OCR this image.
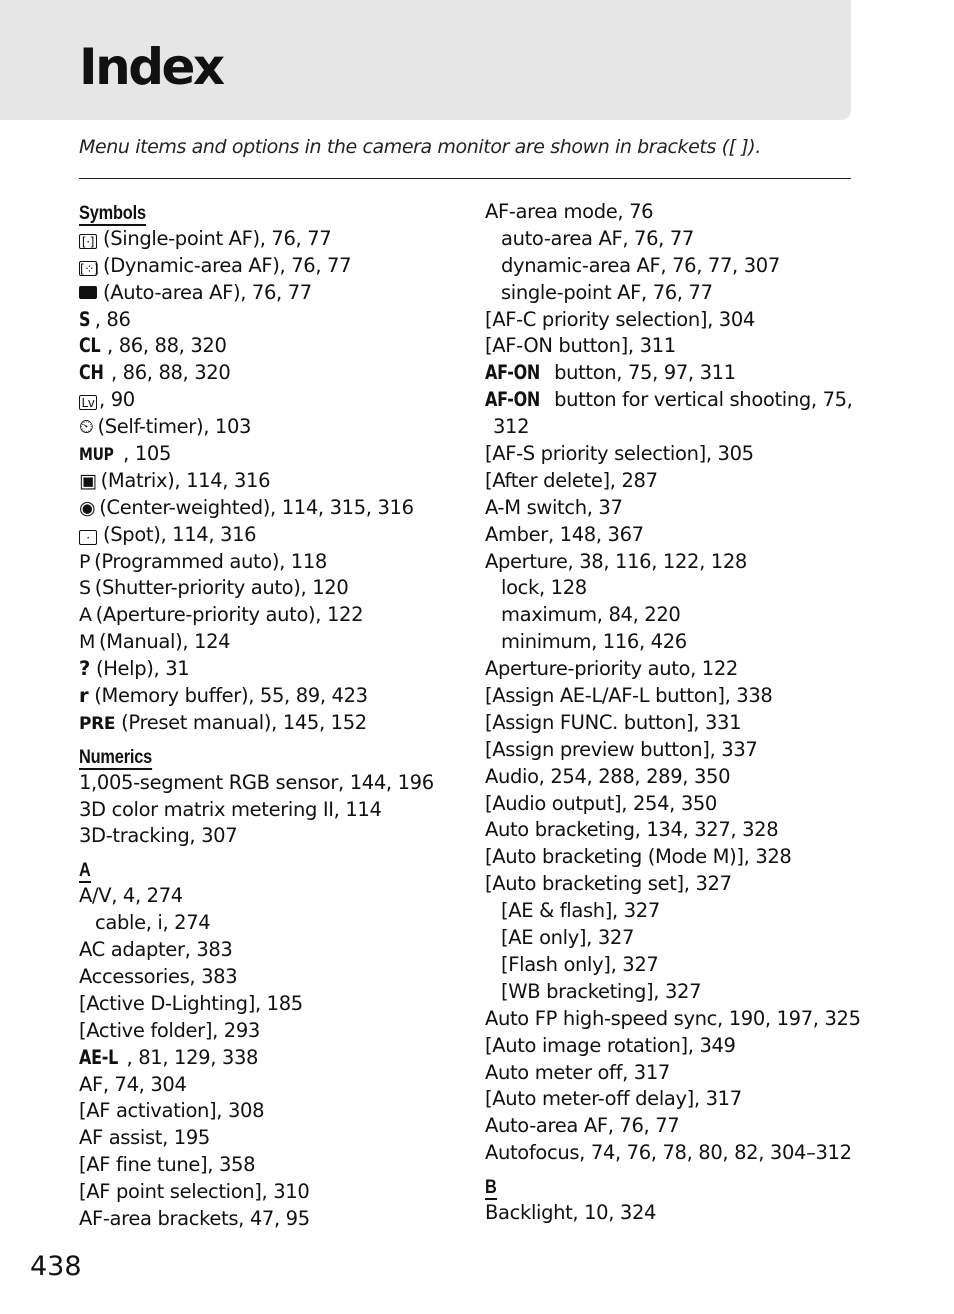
Index
Menu items and options in the camera monitor are shown in brackets ([ ]).
Symbols
[·] (Single-point AF), 76, 77
[⁘] (Dynamic-area AF), 76, 77
(Auto-area AF), 76, 77
S , 86
CL , 86, 88, 320
CH , 86, 88, 320
Lv , 90
⏲ (Self-timer), 103
MUP , 105
▣ (Matrix), 114, 316
◉ (Center-weighted), 114, 315, 316
· (Spot), 114, 316
P (Programmed auto), 118
S (Shutter-priority auto), 120
A (Aperture-priority auto), 122
M (Manual), 124
? (Help), 31
r (Memory buffer), 55, 89, 423
PRE (Preset manual), 145, 152
Numerics
1,005-segment RGB sensor, 144, 196
3D color matrix metering II, 114
3D-tracking, 307
A
A/V, 4, 274
cable, i, 274
AC adapter, 383
Accessories, 383
[Active D-Lighting], 185
[Active folder], 293
AE-L , 81, 129, 338
AF, 74, 304
[AF activation], 308
AF assist, 195
[AF fine tune], 358
[AF point selection], 310
AF-area brackets, 47, 95
AF-area mode, 76
auto-area AF, 76, 77
dynamic-area AF, 76, 77, 307
single-point AF, 76, 77
[AF-C priority selection], 304
[AF-ON button], 311
AF-ON button, 75, 97, 311
AF-ON button for vertical shooting, 75,
312
[AF-S priority selection], 305
[After delete], 287
A-M switch, 37
Amber, 148, 367
Aperture, 38, 116, 122, 128
lock, 128
maximum, 84, 220
minimum, 116, 426
Aperture-priority auto, 122
[Assign AE-L/AF-L button], 338
[Assign FUNC. button], 331
[Assign preview button], 337
Audio, 254, 288, 289, 350
[Audio output], 254, 350
Auto bracketing, 134, 327, 328
[Auto bracketing (Mode M)], 328
[Auto bracketing set], 327
[AE & flash], 327
[AE only], 327
[Flash only], 327
[WB bracketing], 327
Auto FP high-speed sync, 190, 197, 325
[Auto image rotation], 349
Auto meter off, 317
[Auto meter-off delay], 317
Auto-area AF, 76, 77
Autofocus, 74, 76, 78, 80, 82, 304–312
B
Backlight, 10, 324
438
